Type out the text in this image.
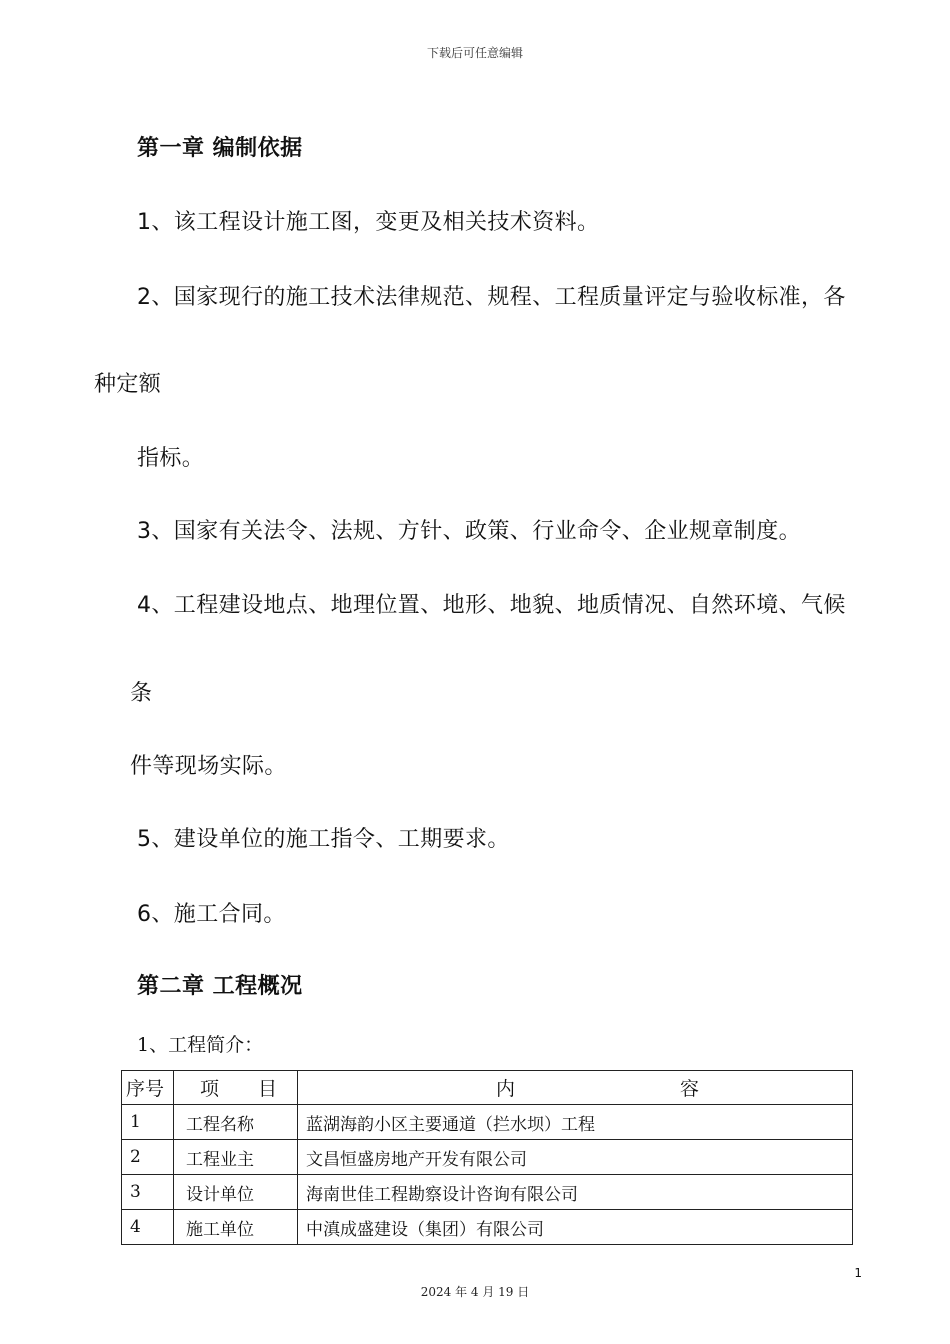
下载后可任意编辑
第一章 编制依据
1、该工程设计施工图，变更及相关技术资料。
2、国家现行的施工技术法律规范、规程、工程质量评定与验收标准，各
种定额
指标。
3、国家有关法令、法规、方针、政策、行业命令、企业规章制度。
4、工程建设地点、地理位置、地形、地貌、地质情况、自然环境、气候
条
件等现场实际。
5、建设单位的施工指令、工期要求。
6、施工合同。
第二章 工程概况
1、工程简介：
序号	项 目	内 容

1	工程名称	蓝湖海韵小区主要通道（拦水坝）工程
2	工程业主	文昌恒盛房地产开发有限公司
3	设计单位	海南世佳工程勘察设计咨询有限公司
4	施工单位	中滇成盛建设（集团）有限公司
1
2024 年 4 月 19 日
